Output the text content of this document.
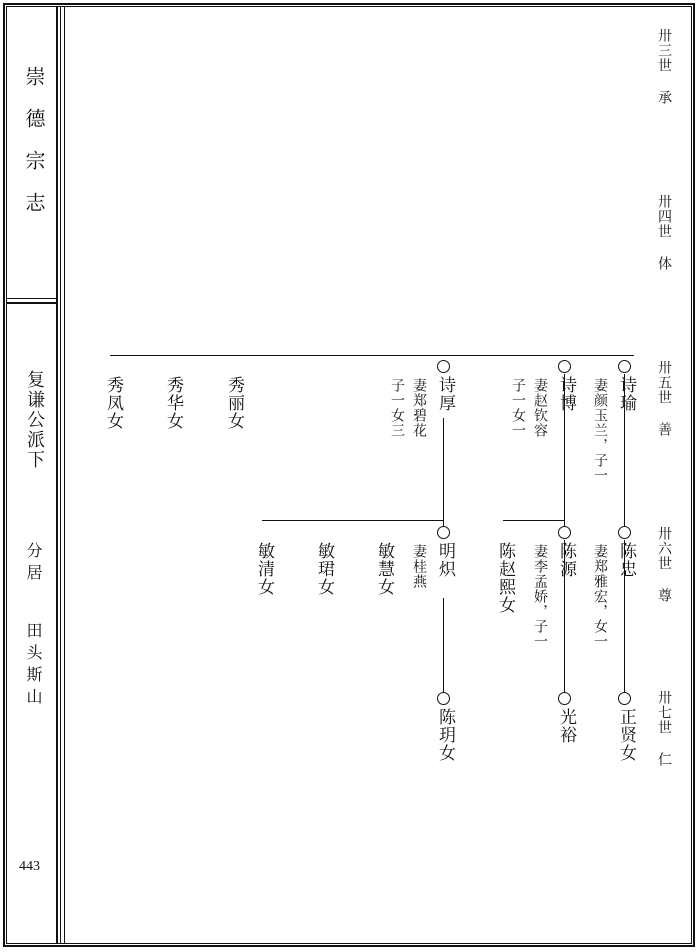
崇德宗志
复谦公派下
分居
田头斯山
443
卅三世
承
卅四世
体
卅五世
善
卅六世
尊
卅七世
仁
诗瑜
妻颜玉兰，子一
诗博
妻赵钦容
子一女一
诗厚
妻郑碧花
子一女三
秀丽女
秀华女
秀凤女
陈忠
妻郑雅宏，女一
陈源
妻李孟娇，子一
陈赵熙女
明炽
妻桂燕
敏慧女
敏珺女
敏清女
正贤女
光裕
陈玥女
